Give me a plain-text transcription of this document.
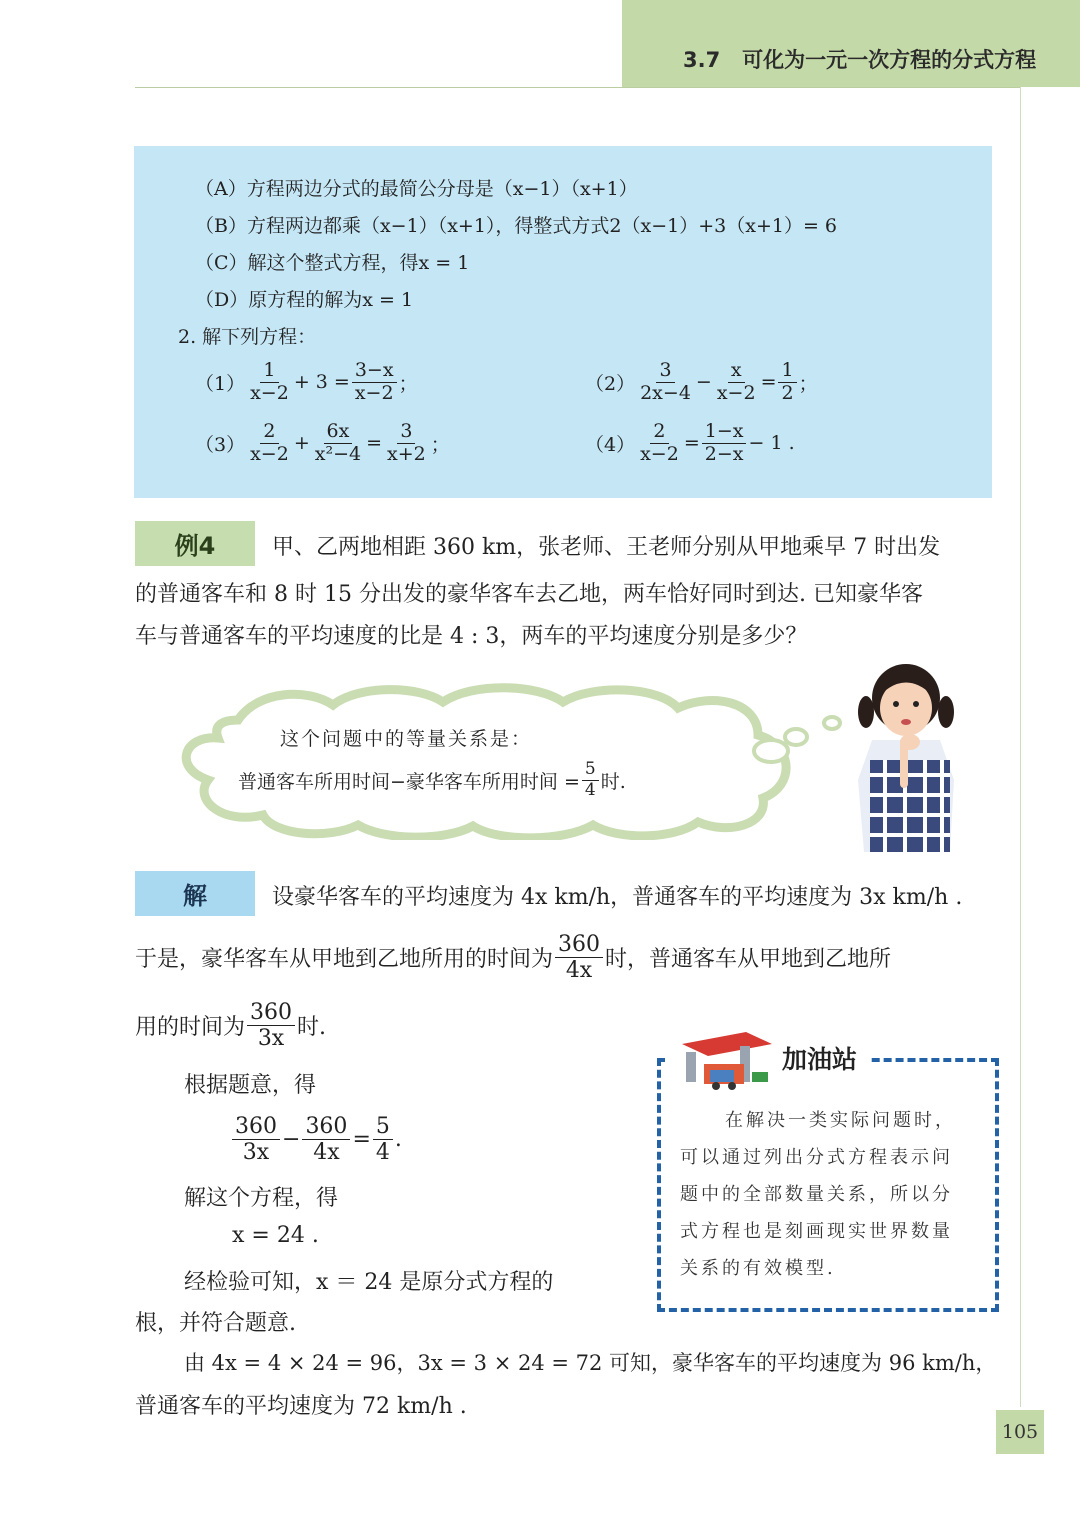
3.7 可化为一元一次方程的分式方程
（A）方程两边分式的最简公分母是（x−1）（x+1）
（B）方程两边都乘（x−1）（x+1），得整式方式2（x−1）+3（x+1）= 6
（C）解这个整式方程，得x = 1
（D）原方程的解为x = 1
2. 解下列方程：
$(1) \frac{1}{x-2} + 3 = \frac{3-x}{x-2}$ ；	$(2) \frac{3}{2x-4} - \frac{x}{x-2} = \frac{1}{2}$ ；
$(3) \frac{2}{x-2} + \frac{6x}{\text{x²−4}} = \frac{3}{x+2}$ ；	$(4) \frac{2}{x-2} = \frac{1-x}{2-x} - 1$ .
例4	甲、乙两地相距 360 km，张老师、王老师分别从甲地乘早 7 时出发
的普通客车和 8 时 15 分出发的豪华客车去乙地，两车恰好同时到达. 已知豪华客
车与普通客车的平均速度的比是 4 : 3，两车的平均速度分别是多少？
这个问题中的等量关系是：
普通客车所用时间−豪华客车所用时间 = $\frac{5}{4}$ 时.
解	设豪华客车的平均速度为 4x km/h，普通客车的平均速度为 3x km/h .
于是，豪华客车从甲地到乙地所用的时间为 $\frac{360}{4x}$ 时，普通客车从甲地到乙地所
用的时间为 $\frac{360}{3x}$ 时.
根据题意，得
$\frac{360}{3x} - \frac{360}{4x} = \frac{5}{4}$ .
解这个方程，得
x = 24 .
经检验可知，x ＝ 24 是原分式方程的
根，并符合题意.
由 4x = 4 × 24 = 96，3x = 3 × 24 = 72 可知，豪华客车的平均速度为 96 km/h，
普通客车的平均速度为 72 km/h .
加油站
在解决一类实际问题时，
可以通过列出分式方程表示问
题中的全部数量关系，所以分
式方程也是刻画现实世界数量
关系的有效模型.
105
